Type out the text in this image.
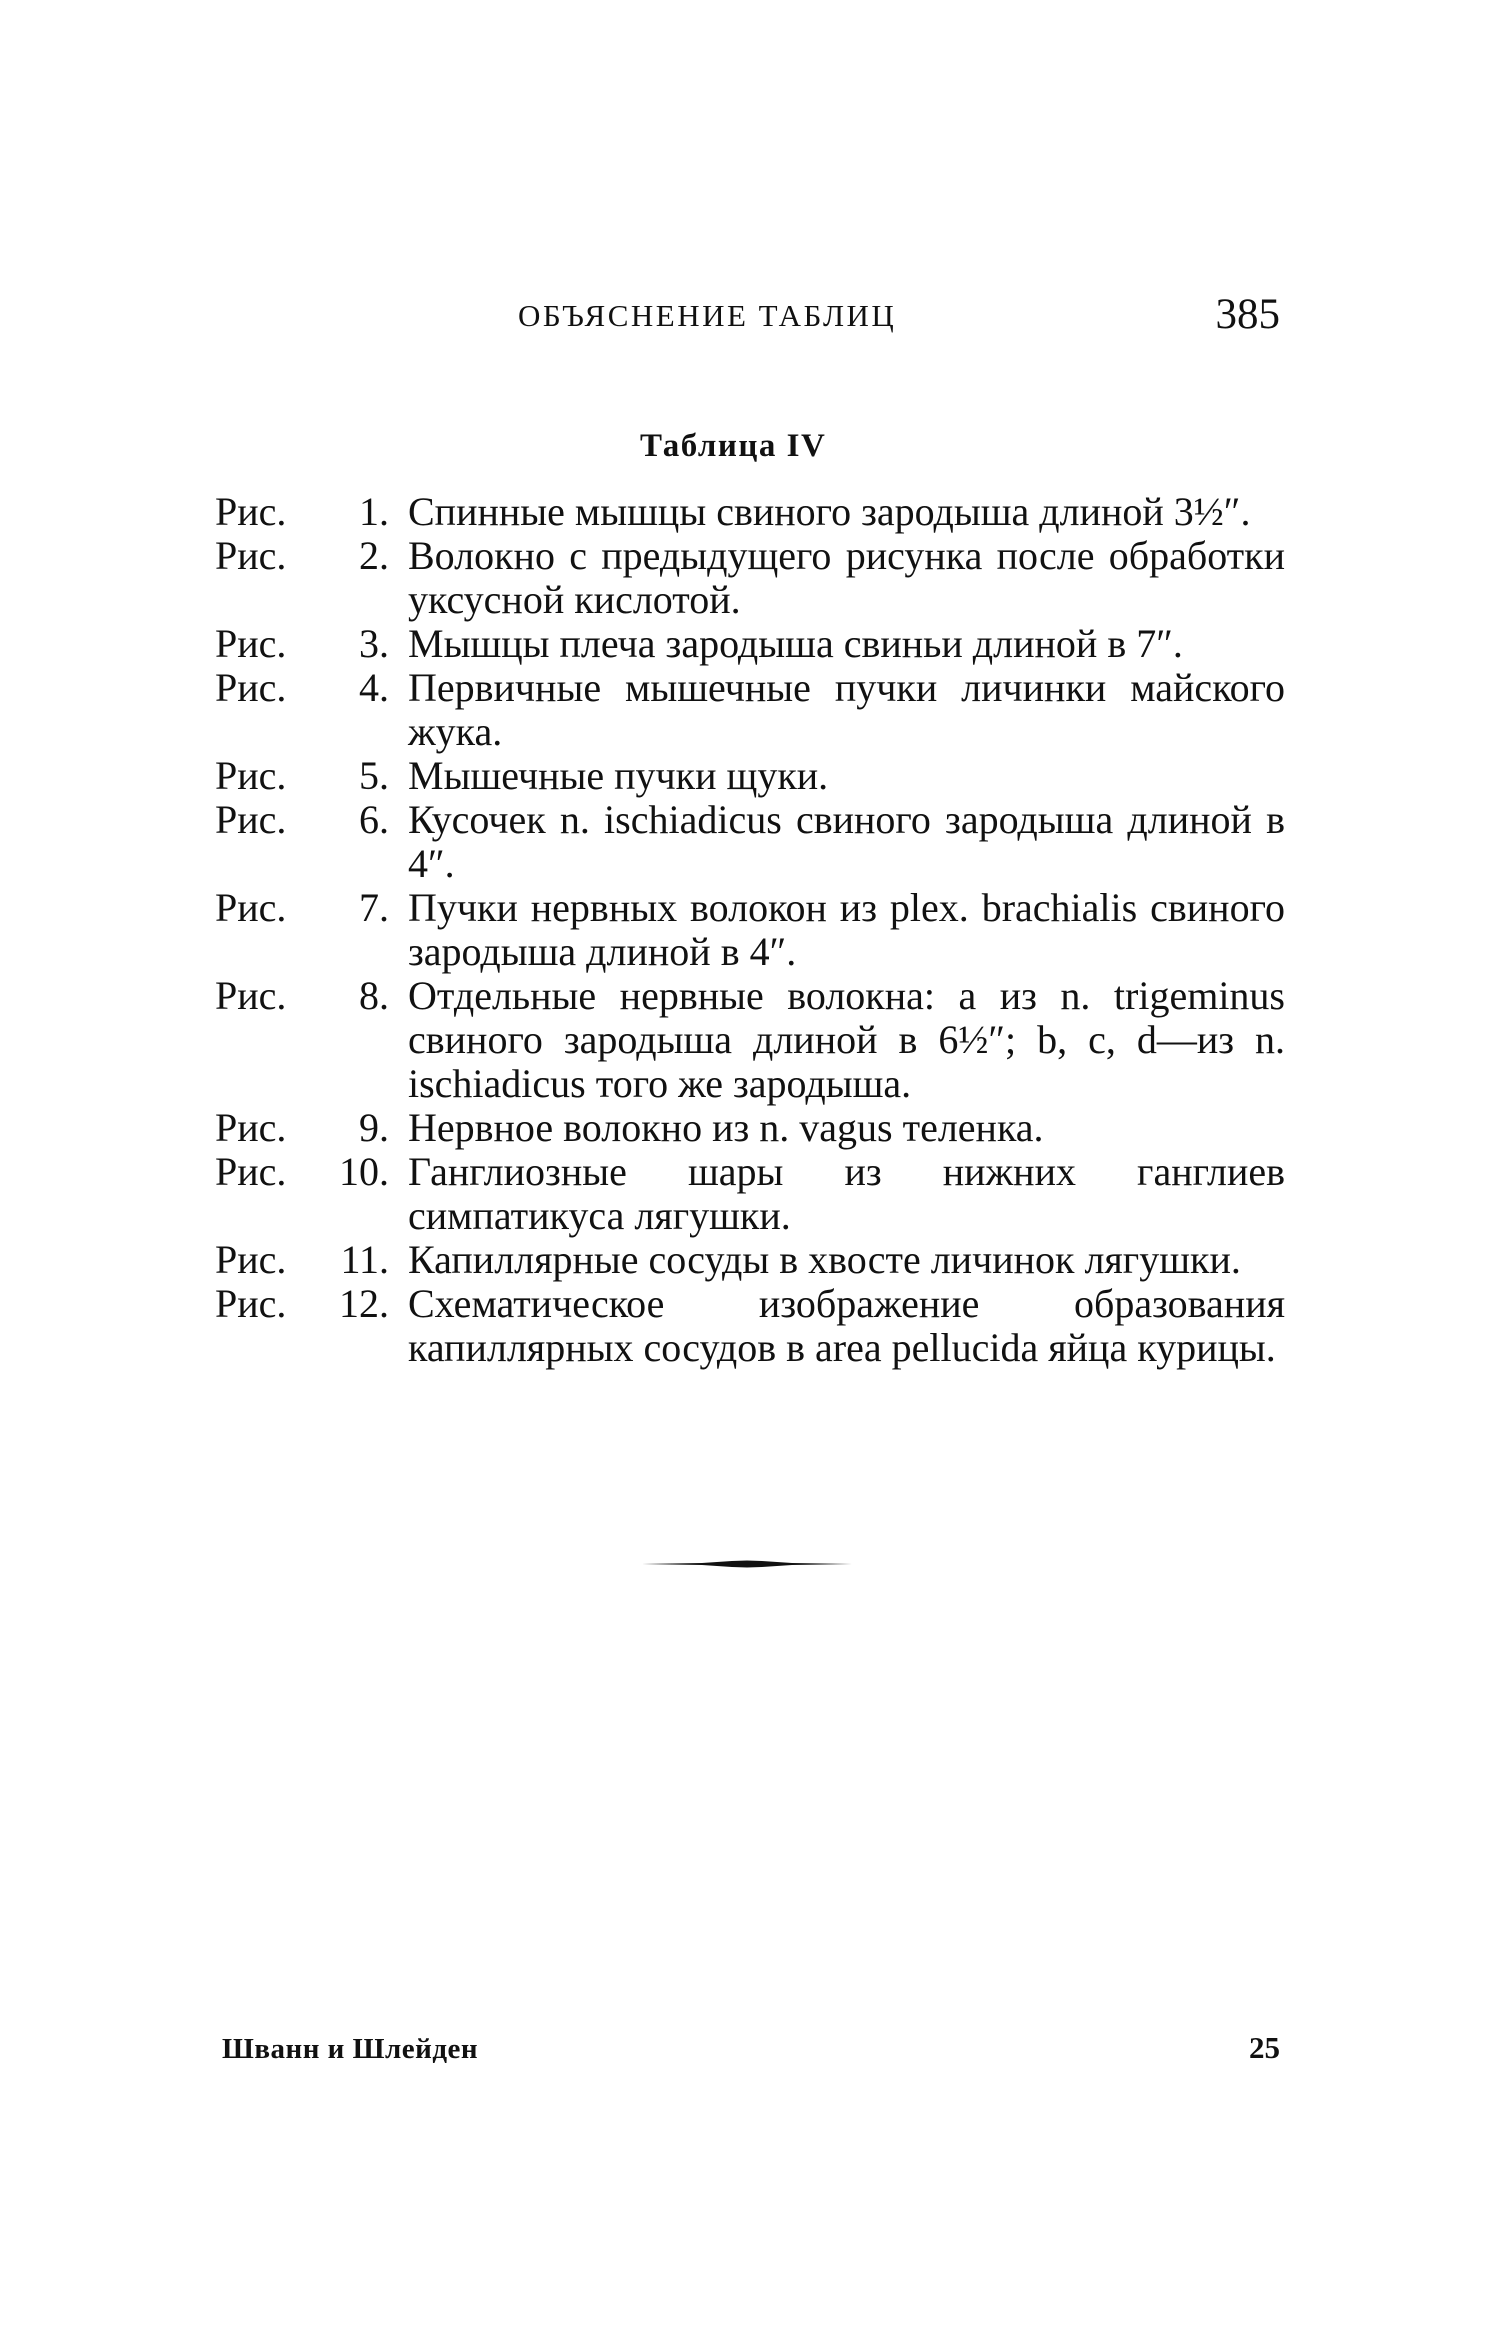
ОБЪЯСНЕНИЕ ТАБЛИЦ	385
Таблица IV
Рис.	1. Спинные мышцы свиного зародыша длиной 3½″.
Рис.	2. Волокно с предыдущего рисунка после обработки уксусной кислотой.
Рис.	3. Мышцы плеча зародыша свиньи длиной в 7″.
Рис.	4. Первичные мышечные пучки личинки майского жука.
Рис.	5. Мышечные пучки щуки.
Рис.	6. Кусочек n. ischiadicus свиного зародыша длиной в 4″.
Рис.	7. Пучки нервных волокон из plex. brachialis свиного зародыша длиной в 4″.
Рис.	8. Отдельные нервные волокна: a из n. trigeminus свиного зародыша длиной в 6½″; b, c, d—из n. ischiadicus того же зародыша.
Рис.	9. Нервное волокно из n. vagus теленка.
Рис.	10. Ганглиозные шары из нижних ганглиев симпатикуса лягушки.
Рис.	11. Капиллярные сосуды в хвосте личинок лягушки.
Рис.	12. Схематическое изображение образования капиллярных сосудов в area pellucida яйца курицы.
Шванн и Шлейден	25
